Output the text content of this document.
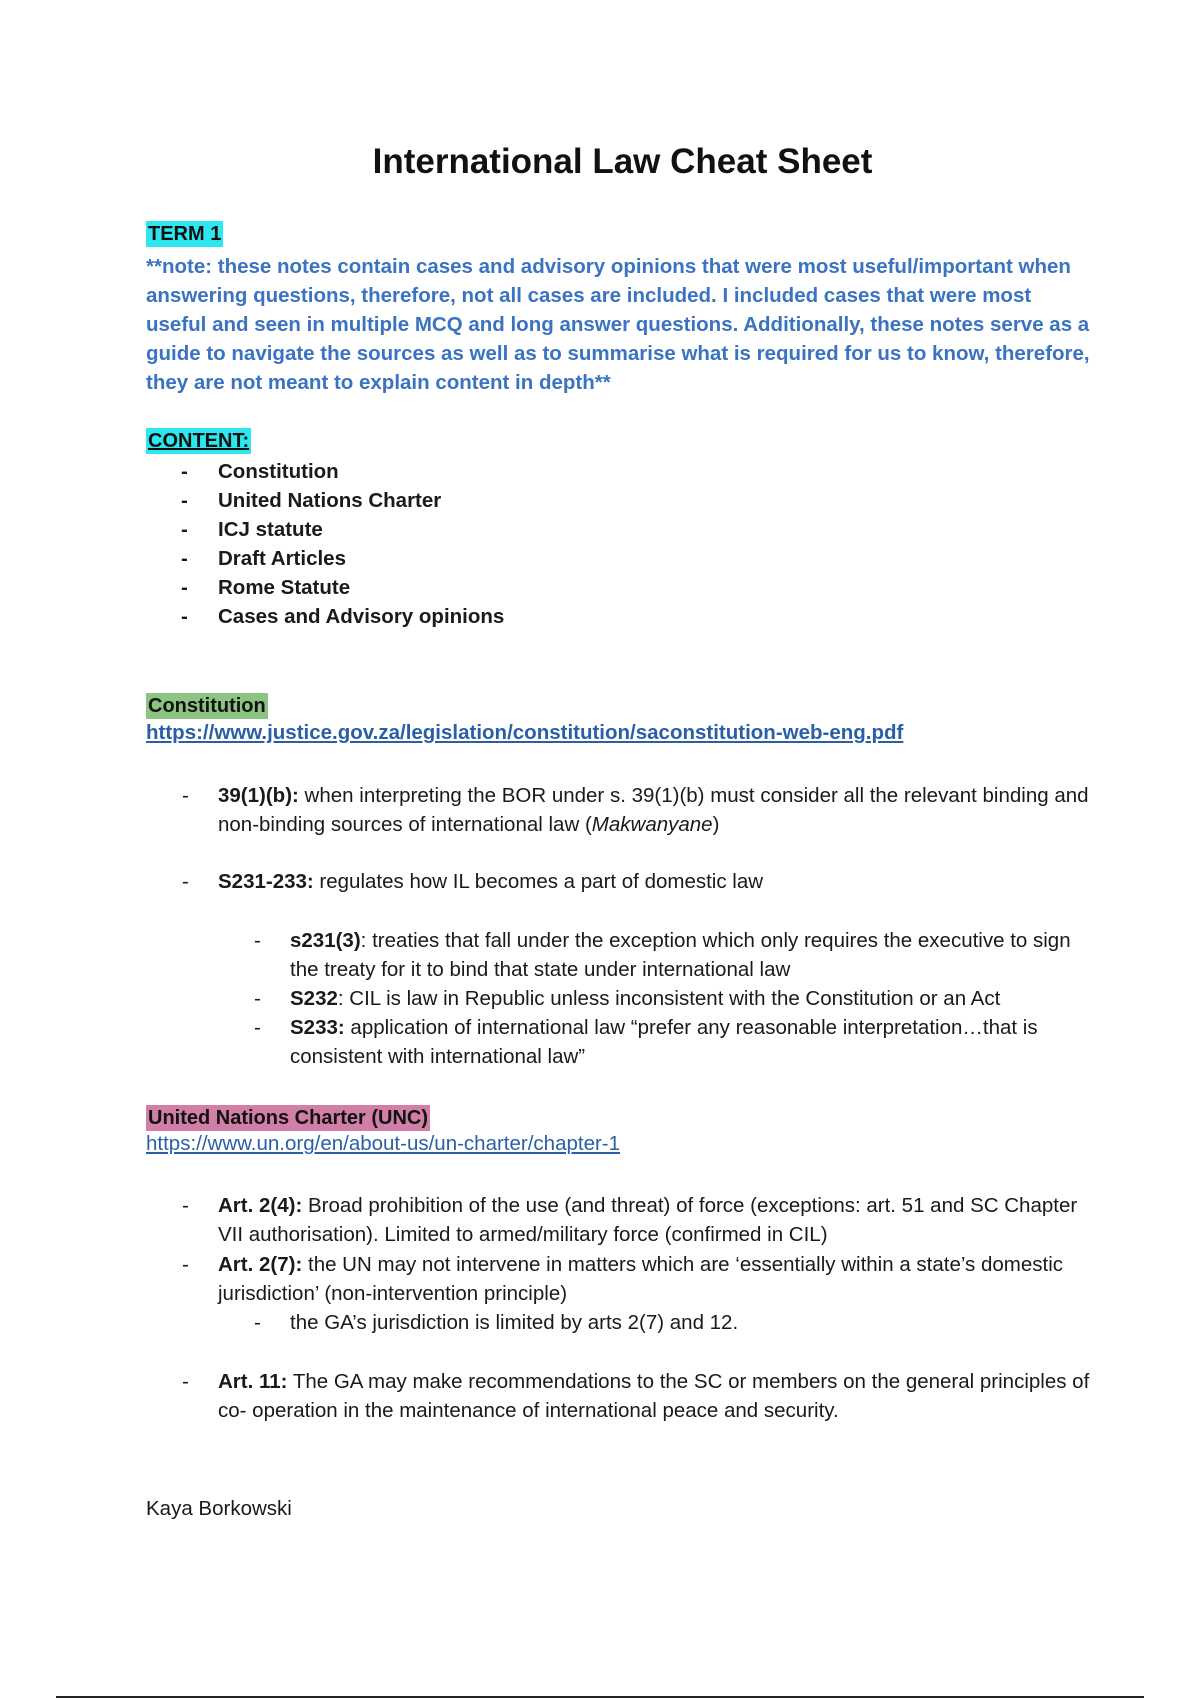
International Law Cheat Sheet
TERM 1

**note: these notes contain cases and advisory opinions that were most useful/important when answering questions, therefore, not all cases are included. I included cases that were most useful and seen in multiple MCQ and long answer questions. Additionally, these notes serve as a guide to navigate the sources as well as to summarise what is required for us to know, therefore, they are not meant to explain content in depth**

CONTENT:
- Constitution
- United Nations Charter
- ICJ statute
- Draft Articles
- Rome Statute
- Cases and Advisory opinions
Constitution
https://www.justice.gov.za/legislation/constitution/saconstitution-web-eng.pdf
- 39(1)(b): when interpreting the BOR under s. 39(1)(b) must consider all the relevant binding and non-binding sources of international law (Makwanyane)
- S231-233: regulates how IL becomes a part of domestic law
- s231(3): treaties that fall under the exception which only requires the executive to sign the treaty for it to bind that state under international law
- S232: CIL is law in Republic unless inconsistent with the Constitution or an Act
- S233: application of international law “prefer any reasonable interpretation…that is consistent with international law”
United Nations Charter (UNC)
https://www.un.org/en/about-us/un-charter/chapter-1
- Art. 2(4): Broad prohibition of the use (and threat) of force (exceptions: art. 51 and SC Chapter VII authorisation). Limited to armed/military force (confirmed in CIL)
- Art. 2(7): the UN may not intervene in matters which are ‘essentially within a state’s domestic jurisdiction’ (non-intervention principle)
- the GA’s jurisdiction is limited by arts 2(7) and 12.
- Art. 11: The GA may make recommendations to the SC or members on the general principles of co- operation in the maintenance of international peace and security.
Kaya Borkowski
